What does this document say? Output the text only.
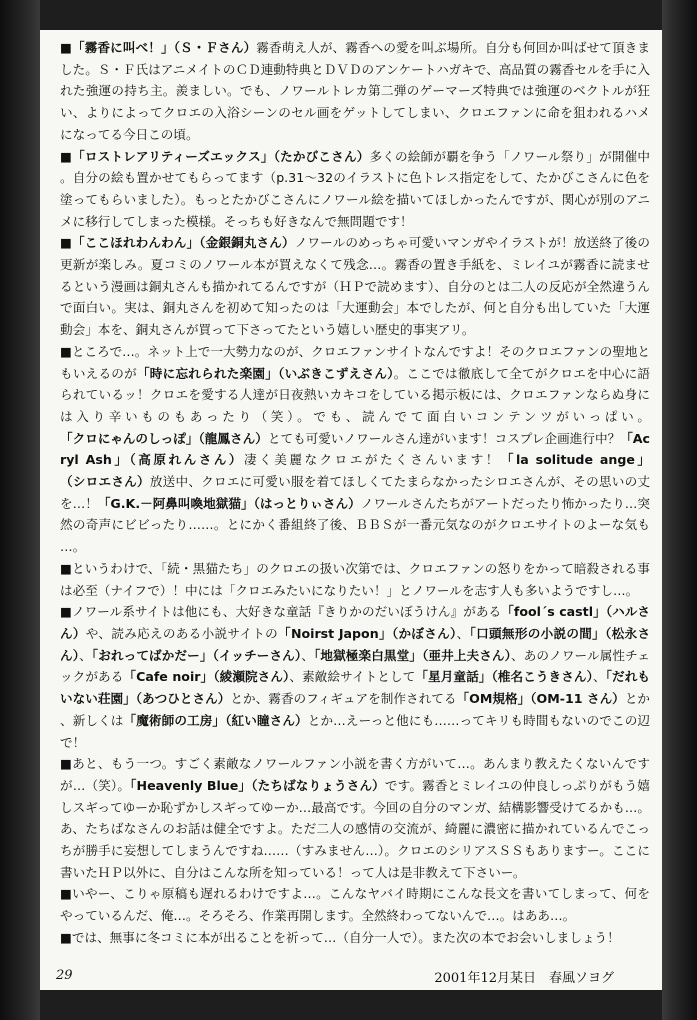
■「霧香に叫べ！」（Ｓ・Ｆさん）霧香萌え人が、霧香への愛を叫ぶ場所。自分も何回か叫ばせて頂きました。Ｓ・Ｆ氏はアニメイトのＣＤ連動特典とＤＶＤのアンケートハガキで、高品質の霧香セルを手に入れた強運の持ち主。羨ましい。でも、ノワールトレカ第二弾のゲーマーズ特典では強運のベクトルが狂い、よりによってクロエの入浴シーンのセル画をゲットしてしまい、クロエファンに命を狙われるハメになってる今日この頃。

■「ロストレアリティーズエックス」（たかびこさん）多くの絵師が覇を争う「ノワール祭り」が開催中。自分の絵も置かせてもらってます（p.31～32のイラストに色トレス指定をして、たかびこさんに色を塗ってもらいました）。もっとたかびこさんにノワール絵を描いてほしかったんですが、関心が別のアニメに移行してしまった模様。そっちも好きなんで無問題です！

■「ここほれわんわん」（金銀銅丸さん）ノワールのめっちゃ可愛いマンガやイラストが！放送終了後の更新が楽しみ。夏コミのノワール本が買えなくて残念…。霧香の置き手紙を、ミレイユが霧香に読ませるという漫画は銅丸さんも描かれてるんですが（ＨＰで読めます）、自分のとは二人の反応が全然違うんで面白い。実は、銅丸さんを初めて知ったのは「大運動会」本でしたが、何と自分も出していた「大運動会」本を、銅丸さんが買って下さってたという嬉しい歴史的事実アリ。

■ところで…。ネット上で一大勢力なのが、クロエファンサイトなんですよ！そのクロエファンの聖地ともいえるのが「時に忘れられた楽園」（いぶきこずえさん）。ここでは徹底して全てがクロエを中心に語られているッ！クロエを愛する人達が日夜熱いカキコをしている掲示板には、クロエファンならぬ身には入り辛いものもあったり（笑）。でも、読んでて面白いコンテンツがいっぱい。「クロにゃんのしっぽ」（龍鳳さん）とても可愛いノワールさん達がいます！コスプレ企画進行中？「Acryl Ash」（高原れんさん）凄く美麗なクロエがたくさんいます！「la solitude ange」（シロエさん）放送中、クロエに可愛い服を着てほしくてたまらなかったシロエさんが、その思いの丈を…！「G.K.－阿鼻叫喚地獄猫」（はっとりぃさん）ノワールさんたちがアートだったり怖かったり…突然の奇声にビビったり……。とにかく番組終了後、ＢＢＳが一番元気なのがクロエサイトのよーな気も…。

■というわけで、「続・黒猫たち」のクロエの扱い次第では、クロエファンの怒りをかって暗殺される事は必至（ナイフで）！中には「クロエみたいになりたい！」とノワールを志す人も多いようですし…。

■ノワール系サイトは他にも、大好きな童話『きりかのだいぼうけん』がある「fool´s castl」（ハルさん）や、読み応えのある小説サイトの「Noirst Japon」（かぼさん）、「口頭無形の小説の間」（松永さん）、「おれってばかだー」（イッチーさん）、「地獄極楽白黒堂」（亜井上夫さん）、あのノワール属性チェックがある「Cafe noir」（綾瀬院さん）、素敵絵サイトとして「星月童話」（椎名こうきさん）、「だれもいない荘園」（あつひとさん）とか、霧香のフィギュアを制作されてる「OM規格」（OM-11 さん）とか、新しくは「魔術師の工房」（紅い瞳さん）とか…えーっと他にも……ってキリも時間もないのでこの辺で！

■あと、もう一つ。すごく素敵なノワールファン小説を書く方がいて…。あんまり教えたくないんですが…（笑）。「Heavenly Blue」（たちばなりょうさん）です。霧香とミレイユの仲良しっぷりがもう嬉しスギってゆーか恥ずかしスギってゆーか…最高です。今回の自分のマンガ、結構影響受けてるかも…。あ、たちばなさんのお話は健全ですよ。ただ二人の感情の交流が、綺麗に濃密に描かれているんでこっちが勝手に妄想してしまうんですね……（すみません…）。クロエのシリアスＳＳもありますー。ここに書いたＨＰ以外に、自分はこんな所を知っている！って人は是非教えて下さいー。

■いやー、こりゃ原稿も遅れるわけですよ…。こんなヤバイ時期にこんな長文を書いてしまって、何をやっているんだ、俺…。そろそろ、作業再開します。全然終わってないんで…。はああ…。

■では、無事に冬コミに本が出ることを祈って…（自分一人で）。また次の本でお会いしましょう！

29	2001年12月某日　春風ソヨグ
